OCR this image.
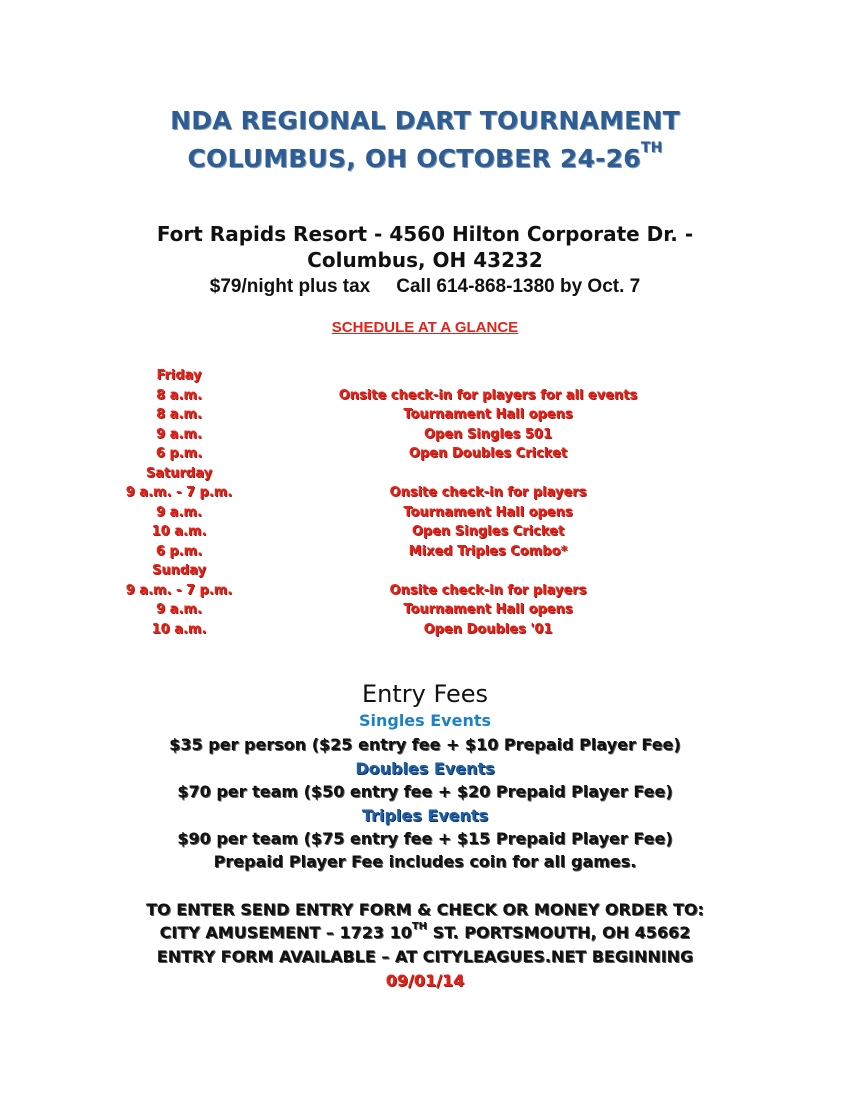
NDA REGIONAL DART TOURNAMENT
COLUMBUS, OH OCTOBER 24-26TH
Fort Rapids Resort - 4560 Hilton Corporate Dr. -
Columbus, OH 43232
$79/night plus tax Call 614-868-1380 by Oct. 7
SCHEDULE AT A GLANCE
Friday
8 a.m.	Onsite check-in for players for all events
8 a.m.	Tournament Hall opens
9 a.m.	Open Singles 501
6 p.m.	Open Doubles Cricket
Saturday
9 a.m. - 7 p.m.	Onsite check-in for players
9 a.m.	Tournament Hall opens
10 a.m.	Open Singles Cricket
6 p.m.	Mixed Triples Combo*
Sunday
9 a.m. - 7 p.m.	Onsite check-in for players
9 a.m.	Tournament Hall opens
10 a.m.	Open Doubles '01
Entry Fees
Singles Events
$35 per person ($25 entry fee + $10 Prepaid Player Fee)
Doubles Events
$70 per team ($50 entry fee + $20 Prepaid Player Fee)
Triples Events
$90 per team ($75 entry fee + $15 Prepaid Player Fee)
Prepaid Player Fee includes coin for all games.
TO ENTER SEND ENTRY FORM & CHECK OR MONEY ORDER TO:
CITY AMUSEMENT – 1723 10TH ST. PORTSMOUTH, OH 45662
ENTRY FORM AVAILABLE – AT CITYLEAGUES.NET BEGINNING
09/01/14
